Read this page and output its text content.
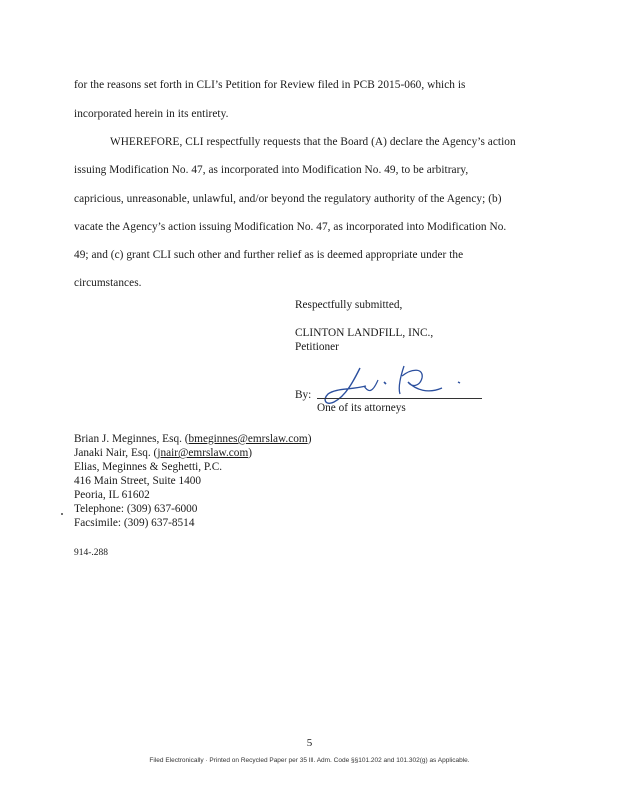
for the reasons set forth in CLI’s Petition for Review filed in PCB 2015-060, which is
incorporated herein in its entirety.
WHEREFORE, CLI respectfully requests that the Board (A) declare the Agency’s action
issuing Modification No. 47, as incorporated into Modification No. 49, to be arbitrary,
capricious, unreasonable, unlawful, and/or beyond the regulatory authority of the Agency; (b)
vacate the Agency’s action issuing Modification No. 47, as incorporated into Modification No.
49; and (c) grant CLI such other and further relief as is deemed appropriate under the
circumstances.
Respectfully submitted,
CLINTON LANDFILL, INC.,
Petitioner
By:
One of its attorneys
Brian J. Meginnes, Esq. (bmeginnes@emrslaw.com)
Janaki Nair, Esq. (jnair@emrslaw.com)
Elias, Meginnes & Seghetti, P.C.
416 Main Street, Suite 1400
Peoria, IL 61602
Telephone: (309) 637-6000
Facsimile: (309) 637-8514
914-.288
5
Filed Electronically · Printed on Recycled Paper per 35 Ill. Adm. Code §§101.202 and 101.302(g) as Applicable.
